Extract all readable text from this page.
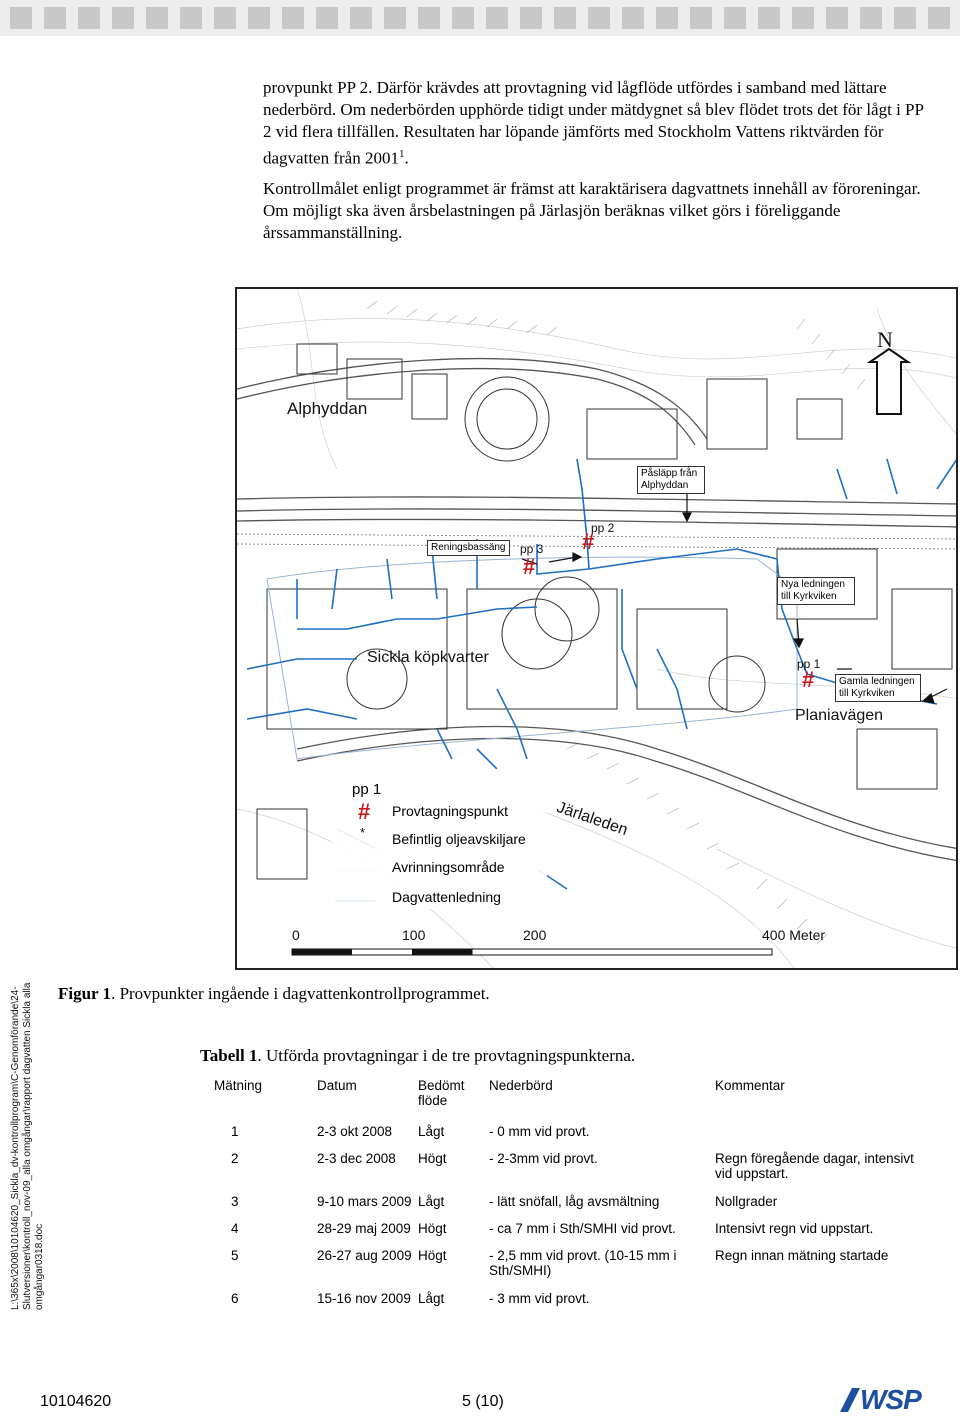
provpunkt PP 2. Därför krävdes att provtagning vid lågflöde utfördes i samband med lättare nederbörd. Om nederbörden upphörde tidigt under mätdygnet så blev flödet trots det för lågt i PP 2 vid flera tillfällen. Resultaten har löpande jämförts med Stockholm Vattens riktvärden för dagvatten från 2001$^1$.

Kontrollmålet enligt programmet är främst att karaktärisera dagvattnets innehåll av föroreningar. Om möjligt ska även årsbelastningen på Järlasjön beräknas vilket görs i föreliggande årssammanställning.

N
Alphyddan
Påsläpp från Alphyddan
Reningsbassäng	pp 3
#
pp 2
#
Nya ledningen till Kyrkviken
Sickla köpkvarter	pp 1
#	Gamla ledningen till Kyrkviken
Planiavägen
Järlaleden
pp 1
# Provtagningspunkt
* Befintlig oljeavskiljare
Avrinningsområde
Dagvattenledning
0	100	200	400 Meter
L:\365x\2008\10104620_Sickla_dv-kontrollprogram\C-Genomförande\24-Slutversioner\kontroll_nov-09_alla omgångar\rapport dagvatten Sickla alla omgångar0318.doc
Figur 1. Provpunkter ingående i dagvattenkontrollprogrammet.
Tabell 1. Utförda provtagningar i de tre provtagningspunkterna.
Mätning	Datum	Bedömt flöde	Nederbörd	Kommentar
1	2-3 okt 2008	Lågt	- 0 mm vid provt.	
2	2-3 dec 2008	Högt	- 2-3mm vid provt.	Regn föregående dagar, intensivt vid uppstart.
3	9-10 mars 2009	Lågt	- lätt snöfall, låg avsmältning	Nollgrader
4	28-29 maj 2009	Högt	- ca 7 mm i Sth/SMHI vid provt.	Intensivt regn vid uppstart.
5	26-27 aug 2009	Högt	- 2,5 mm vid provt. (10-15 mm i Sth/SMHI)	Regn innan mätning startade
6	15-16 nov 2009	Lågt	- 3 mm vid provt.	
10104620	5 (10)	WSP
